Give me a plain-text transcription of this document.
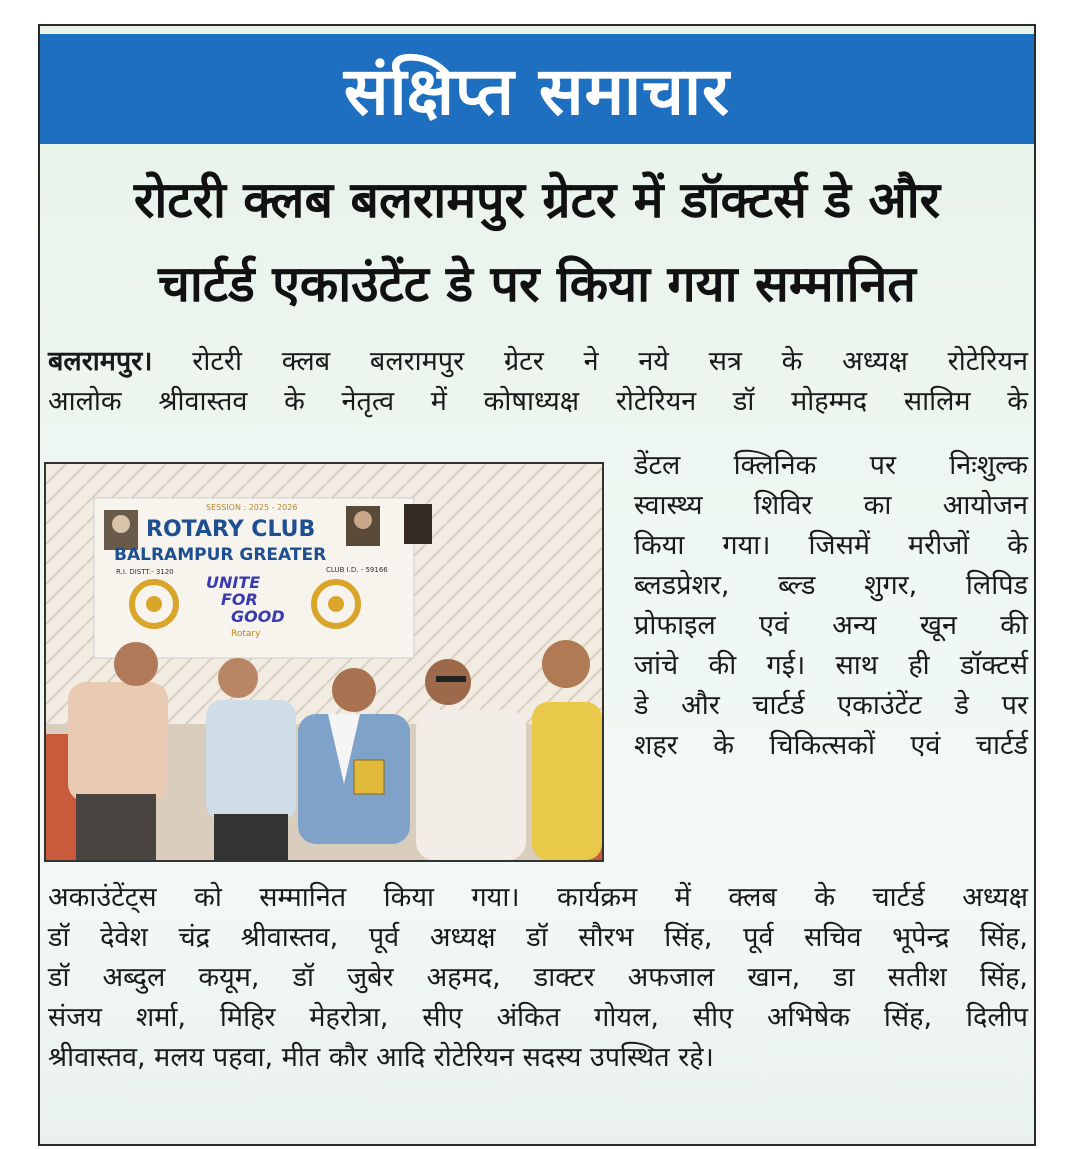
संक्षिप्त समाचार
रोटरी क्लब बलरामपुर ग्रेटर में डॉक्टर्स डे और
चार्टर्ड एकाउंटेंट डे पर किया गया सम्मानित
बलरामपुर। रोटरी क्लब बलरामपुर ग्रेटर ने नये सत्र के अध्यक्ष रोटेरियन
आलोक श्रीवास्तव के नेतृत्व में कोषाध्यक्ष रोटेरियन डॉ मोहम्मद सालिम के
SESSION : 2025 - 2026
ROTARY CLUB
BALRAMPUR GREATER
R.I. DISTT.- 3120	CLUB I.D. - 59166
UNITE
FOR
GOOD
Rotary
डेंटल क्लिनिक पर निःशुल्क
स्वास्थ्य शिविर का आयोजन
किया गया। जिसमें मरीजों के
ब्लडप्रेशर, ब्ल्ड शुगर, लिपिड
प्रोफाइल एवं अन्य खून की
जांचे की गई। साथ ही डॉक्टर्स
डे और चार्टर्ड एकाउंटेंट डे पर
शहर के चिकित्सकों एवं चार्टर्ड
अकाउंटेंट्स को सम्मानित किया गया। कार्यक्रम में क्लब के चार्टर्ड अध्यक्ष
डॉ देवेश चंद्र श्रीवास्तव, पूर्व अध्यक्ष डॉ सौरभ सिंह, पूर्व सचिव भूपेन्द्र सिंह,
डॉ अब्दुल कयूम, डॉ जुबेर अहमद, डाक्टर अफजाल खान, डा सतीश सिंह,
संजय शर्मा, मिहिर मेहरोत्रा, सीए अंकित गोयल, सीए अभिषेक सिंह, दिलीप
श्रीवास्तव, मलय पहवा, मीत कौर आदि रोटेरियन सदस्य उपस्थित रहे।
